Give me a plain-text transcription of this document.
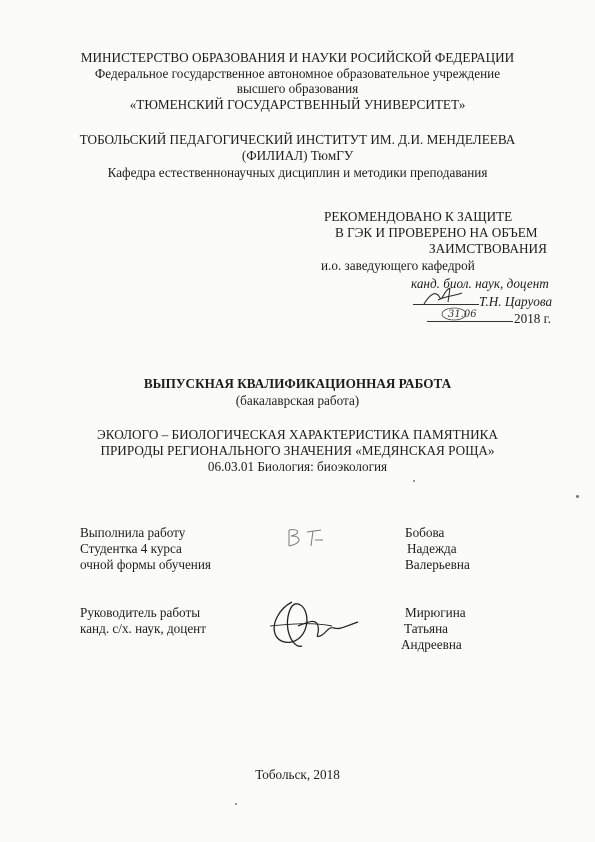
МИНИСТЕРСТВО ОБРАЗОВАНИЯ И НАУКИ РОСИЙСКОЙ ФЕДЕРАЦИИ
Федеральное государственное автономное образовательное учреждение
высшего образования
«ТЮМЕНСКИЙ ГОСУДАРСТВЕННЫЙ УНИВЕРСИТЕТ»
ТОБОЛЬСКИЙ ПЕДАГОГИЧЕСКИЙ ИНСТИТУТ ИМ. Д.И. МЕНДЕЛЕЕВА
(ФИЛИАЛ) ТюмГУ
Кафедра естественнонаучных дисциплин и методики преподавания
РЕКОМЕНДОВАНО К ЗАЩИТЕ
В ГЭК И ПРОВЕРЕНО НА ОБЪЕМ
ЗАИМСТВОВАНИЯ
и.о. заведующего кафедрой
канд. биол. наук, доцент
Т.Н. Царуова
31.06	2018 г.
ВЫПУСКНАЯ КВАЛИФИКАЦИОННАЯ РАБОТА
(бакалаврская работа)
ЭКОЛОГО – БИОЛОГИЧЕСКАЯ ХАРАКТЕРИСТИКА ПАМЯТНИКА
ПРИРОДЫ РЕГИОНАЛЬНОГО ЗНАЧЕНИЯ «МЕДЯНСКАЯ РОЩА»
06.03.01 Биология: биоэкология
Выполнила работу
Студентка 4 курса
очной формы обучения
Бобова
Надежда
Валерьевна
Руководитель работы
канд. с/х. наук, доцент
Мирюгина
Татьяна
Андреевна
Тобольск, 2018
